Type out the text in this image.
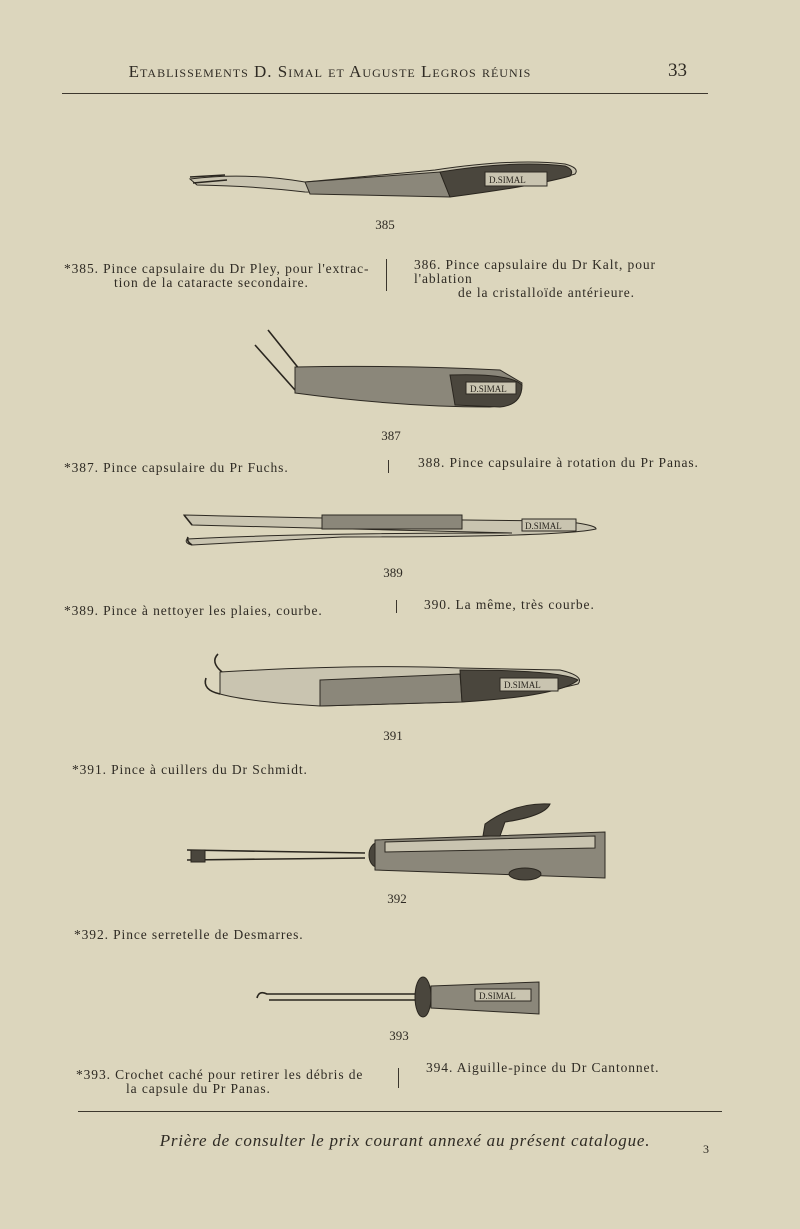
Etablissements D. Simal et Auguste Legros réunis	33
D.SIMAL
385
*385. Pince capsulaire du Dr Pley, pour l'extrac-
tion de la cataracte secondaire.
386. Pince capsulaire du Dr Kalt, pour l'ablation
de la cristalloïde antérieure.
D.SIMAL
387
*387. Pince capsulaire du Pr Fuchs.	388. Pince capsulaire à rotation du Pr Panas.
D.SIMAL
389
*389. Pince à nettoyer les plaies, courbe.	390. La même, très courbe.
D.SIMAL
391
*391. Pince à cuillers du Dr Schmidt.
392
*392. Pince serretelle de Desmarres.
D.SIMAL
393
*393. Crochet caché pour retirer les débris de
la capsule du Pr Panas.
394. Aiguille-pince du Dr Cantonnet.
Prière de consulter le prix courant annexé au présent catalogue.	3
